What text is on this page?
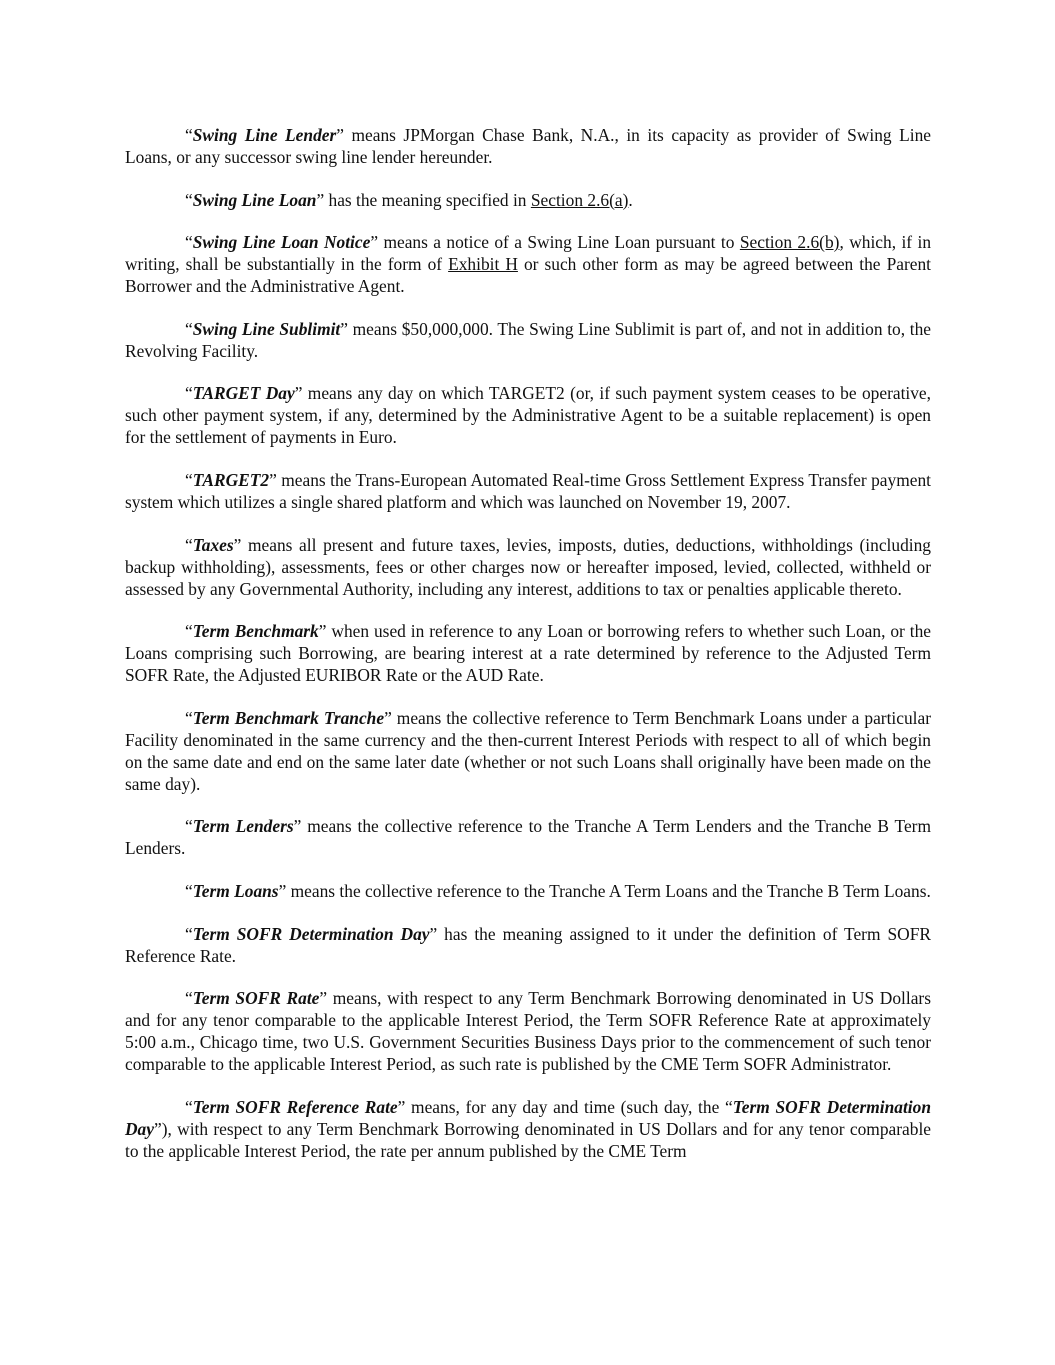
“Swing Line Lender” means JPMorgan Chase Bank, N.A., in its capacity as provider of Swing Line Loans, or any successor swing line lender hereunder.

“Swing Line Loan” has the meaning specified in Section 2.6(a).

“Swing Line Loan Notice” means a notice of a Swing Line Loan pursuant to Section 2.6(b), which, if in writing, shall be substantially in the form of Exhibit H or such other form as may be agreed between the Parent Borrower and the Administrative Agent.

“Swing Line Sublimit” means $50,000,000. The Swing Line Sublimit is part of, and not in addition to, the Revolving Facility.

“TARGET Day” means any day on which TARGET2 (or, if such payment system ceases to be operative, such other payment system, if any, determined by the Administrative Agent to be a suitable replacement) is open for the settlement of payments in Euro.

“TARGET2” means the Trans-European Automated Real-time Gross Settlement Express Transfer payment system which utilizes a single shared platform and which was launched on November 19, 2007.

“Taxes” means all present and future taxes, levies, imposts, duties, deductions, withholdings (including backup withholding), assessments, fees or other charges now or hereafter imposed, levied, collected, withheld or assessed by any Governmental Authority, including any interest, additions to tax or penalties applicable thereto.

“Term Benchmark” when used in reference to any Loan or borrowing refers to whether such Loan, or the Loans comprising such Borrowing, are bearing interest at a rate determined by reference to the Adjusted Term SOFR Rate, the Adjusted EURIBOR Rate or the AUD Rate.

“Term Benchmark Tranche” means the collective reference to Term Benchmark Loans under a particular Facility denominated in the same currency and the then-current Interest Periods with respect to all of which begin on the same date and end on the same later date (whether or not such Loans shall originally have been made on the same day).

“Term Lenders” means the collective reference to the Tranche A Term Lenders and the Tranche B Term Lenders.

“Term Loans” means the collective reference to the Tranche A Term Loans and the Tranche B Term Loans.

“Term SOFR Determination Day” has the meaning assigned to it under the definition of Term SOFR Reference Rate.

“Term SOFR Rate” means, with respect to any Term Benchmark Borrowing denominated in US Dollars and for any tenor comparable to the applicable Interest Period, the Term SOFR Reference Rate at approximately 5:00 a.m., Chicago time, two U.S. Government Securities Business Days prior to the commencement of such tenor comparable to the applicable Interest Period, as such rate is published by the CME Term SOFR Administrator.

“Term SOFR Reference Rate” means, for any day and time (such day, the “Term SOFR Determination Day”), with respect to any Term Benchmark Borrowing denominated in US Dollars and for any tenor comparable to the applicable Interest Period, the rate per annum published by the CME Term
